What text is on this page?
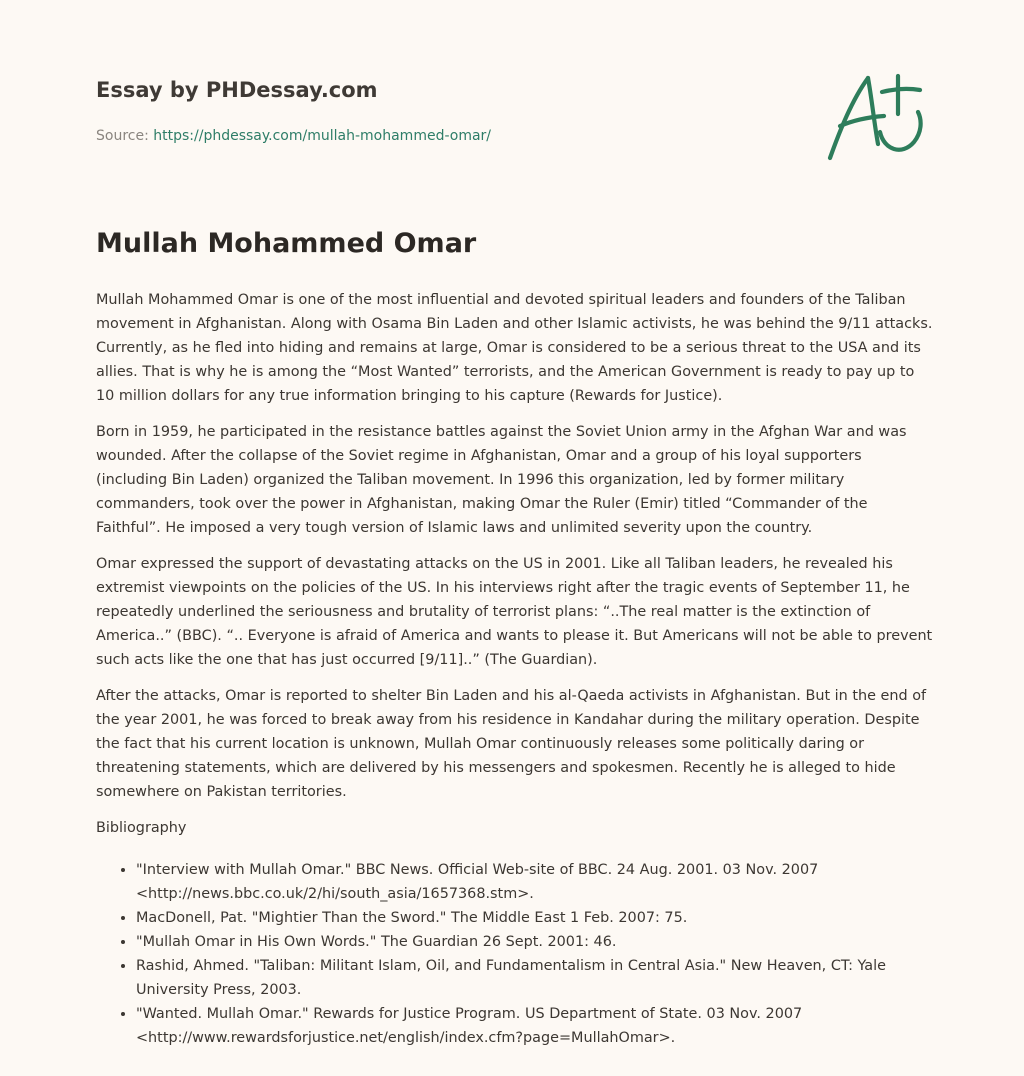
Essay by PHDessay.com
Source: https://phdessay.com/mullah-mohammed-omar/
Mullah Mohammed Omar

Mullah Mohammed Omar is one of the most influential and devoted spiritual leaders and founders of the Taliban movement in Afghanistan. Along with Osama Bin Laden and other Islamic activists, he was behind the 9/11 attacks. Currently, as he fled into hiding and remains at large, Omar is considered to be a serious threat to the USA and its allies. That is why he is among the “Most Wanted” terrorists, and the American Government is ready to pay up to 10 million dollars for any true information bringing to his capture (Rewards for Justice).

Born in 1959, he participated in the resistance battles against the Soviet Union army in the Afghan War and was wounded. After the collapse of the Soviet regime in Afghanistan, Omar and a group of his loyal supporters (including Bin Laden) organized the Taliban movement. In 1996 this organization, led by former military commanders, took over the power in Afghanistan, making Omar the Ruler (Emir) titled “Commander of the Faithful”. He imposed a very tough version of Islamic laws and unlimited severity upon the country.

Omar expressed the support of devastating attacks on the US in 2001. Like all Taliban leaders, he revealed his extremist viewpoints on the policies of the US. In his interviews right after the tragic events of September 11, he repeatedly underlined the seriousness and brutality of terrorist plans: “..The real matter is the extinction of America..” (BBC). “.. Everyone is afraid of America and wants to please it. But Americans will not be able to prevent such acts like the one that has just occurred [9/11]..” (The Guardian).

After the attacks, Omar is reported to shelter Bin Laden and his al-Qaeda activists in Afghanistan. But in the end of the year 2001, he was forced to break away from his residence in Kandahar during the military operation. Despite the fact that his current location is unknown, Mullah Omar continuously releases some politically daring or threatening statements, which are delivered by his messengers and spokesmen. Recently he is alleged to hide somewhere on Pakistan territories.

Bibliography

• "Interview with Mullah Omar." BBC News. Official Web-site of BBC. 24 Aug. 2001. 03 Nov. 2007 <http://news.bbc.co.uk/2/hi/south_asia/1657368.stm>.
• MacDonell, Pat. "Mightier Than the Sword." The Middle East 1 Feb. 2007: 75.
• "Mullah Omar in His Own Words." The Guardian 26 Sept. 2001: 46.
• Rashid, Ahmed. "Taliban: Militant Islam, Oil, and Fundamentalism in Central Asia." New Heaven, CT: Yale University Press, 2003.
• "Wanted. Mullah Omar." Rewards for Justice Program. US Department of State. 03 Nov. 2007 <http://www.rewardsforjustice.net/english/index.cfm?page=MullahOmar>.
